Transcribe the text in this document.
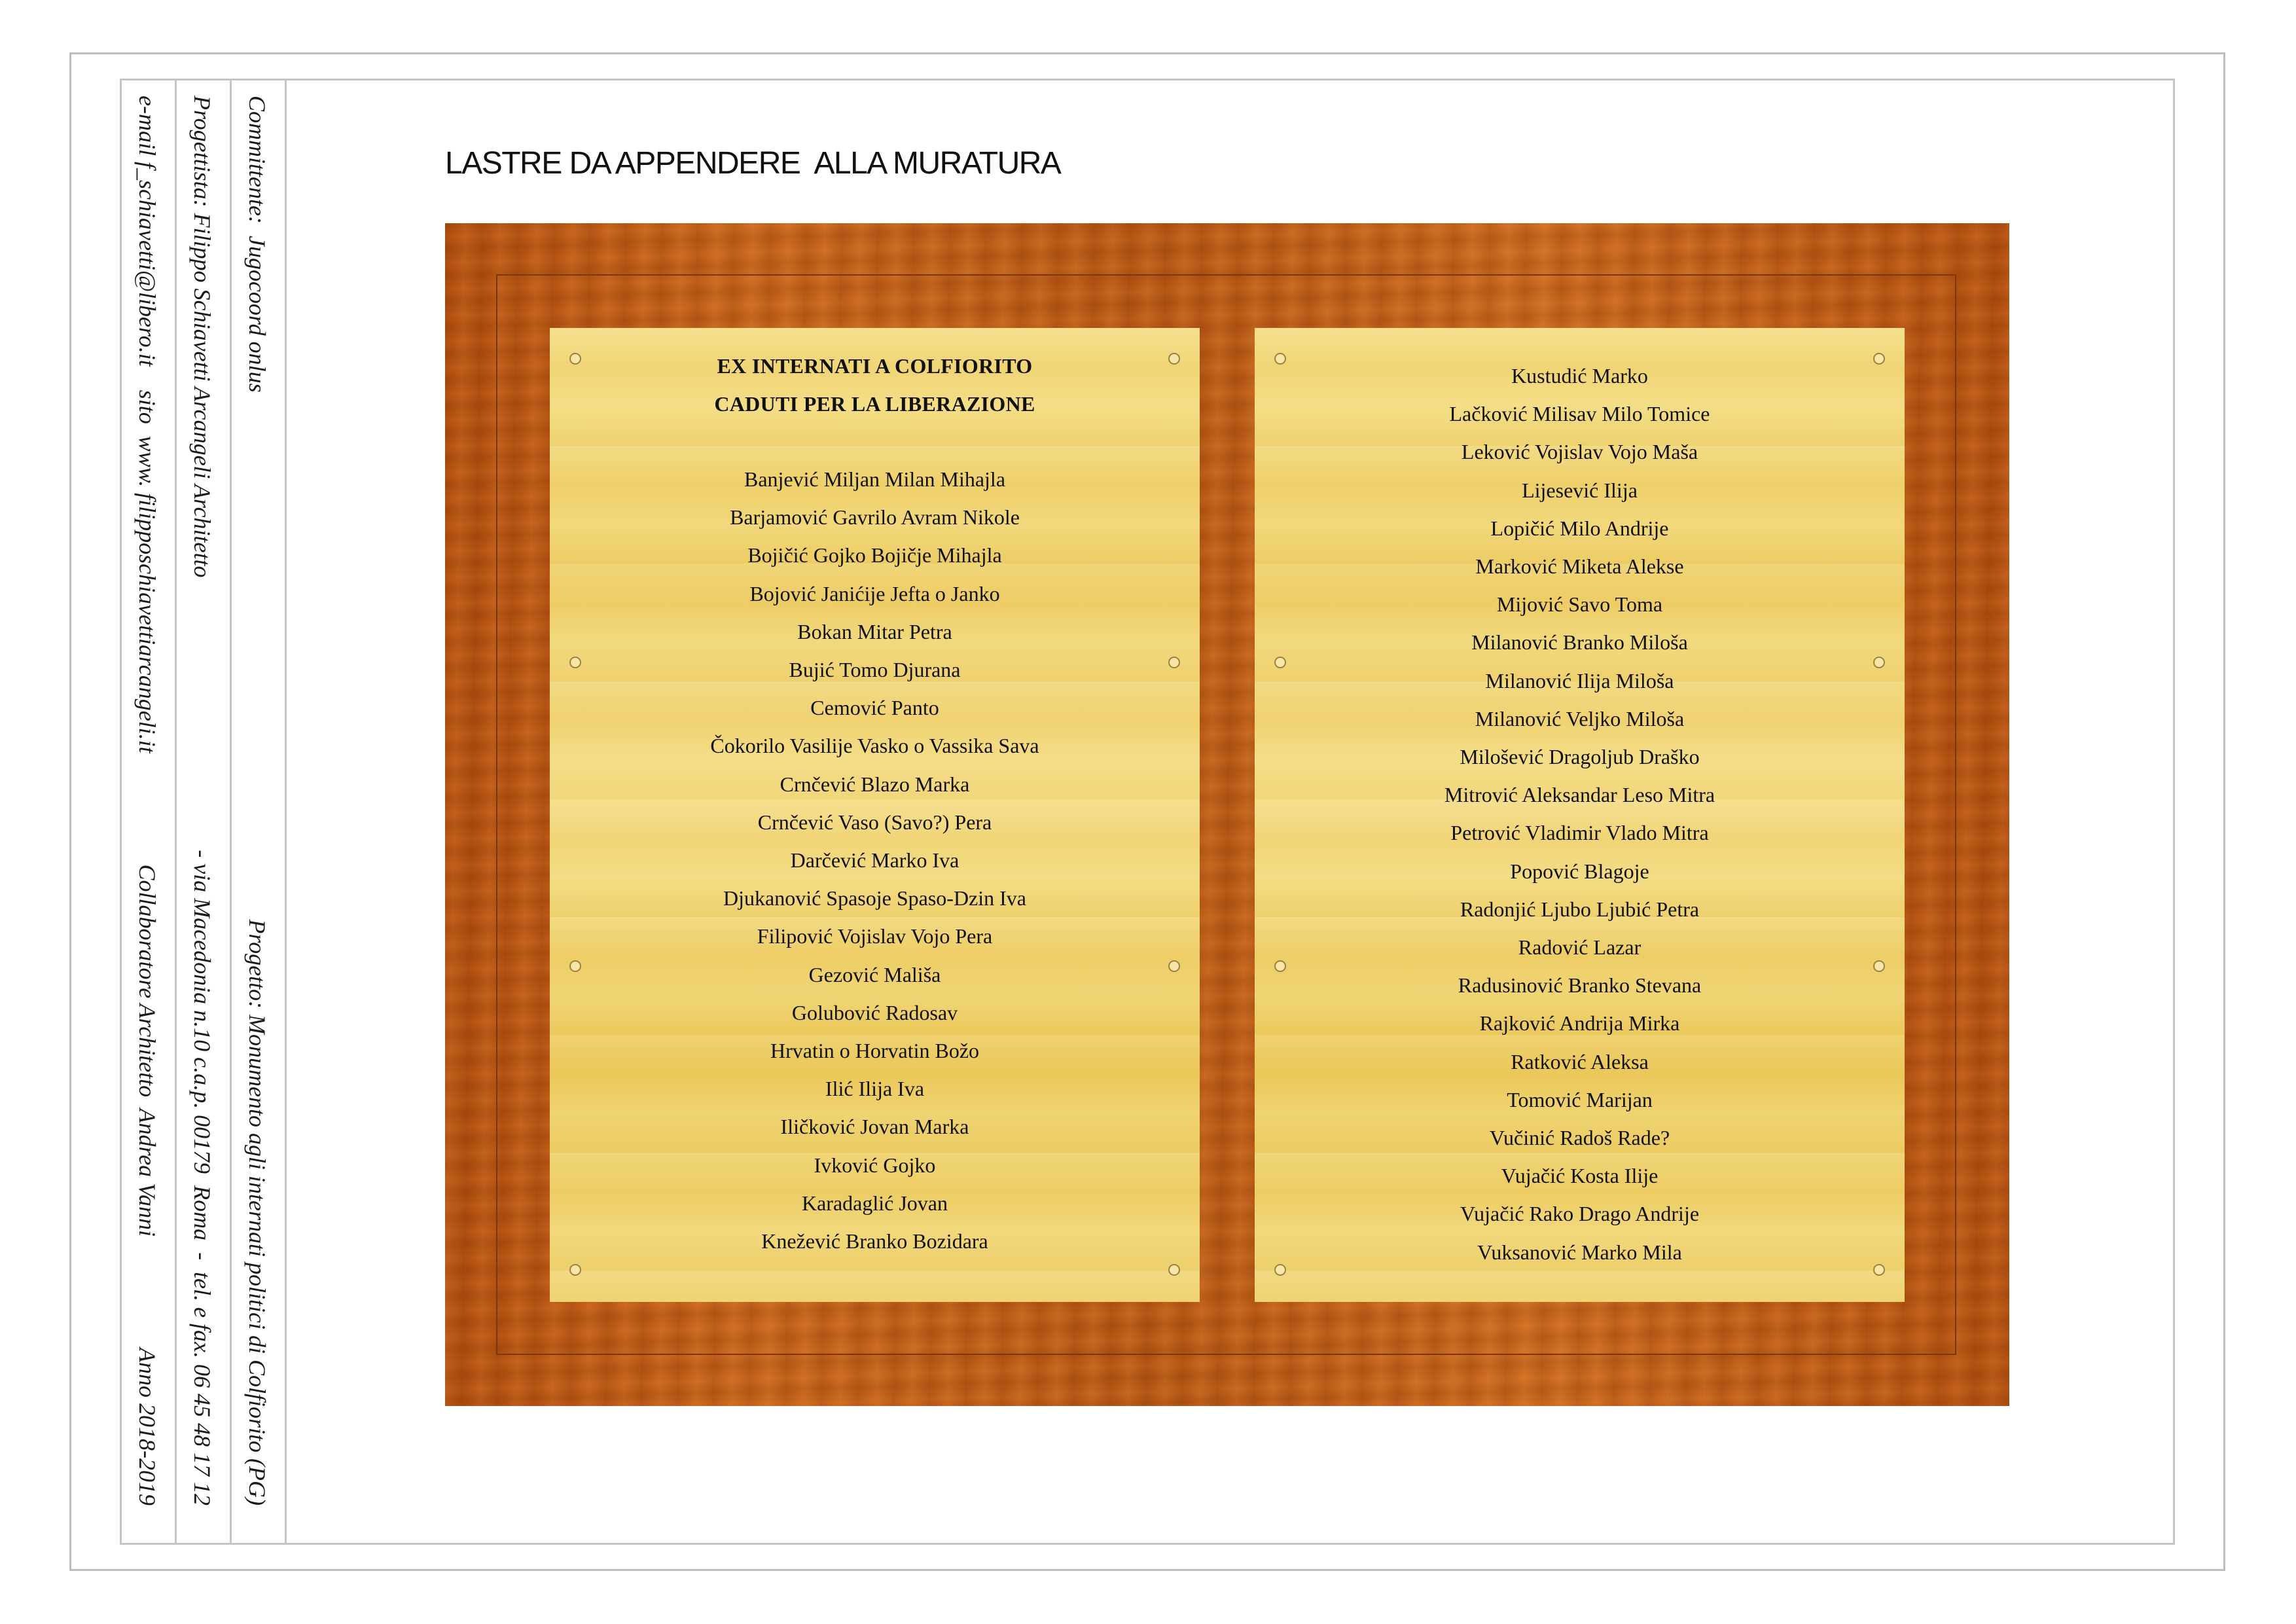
Committente:  Jugocoord onlus
Progetto: Monumento agli internati politici di Colfiorito (PG)
Progettista: Filippo Schiavetti Arcangeli Architetto
- via Macedonia n.10 c.a.p. 00179  Roma  -  tel. e fax. 06 45 48 17 12
e-mail f_schiavetti@libero.it    sito  www. filipposchiavettiarcangeli.it
Collaboratore Architetto  Andrea Vanni
Anno 2018-2019
LASTRE DA APPENDERE  ALLA MURATURA
EX INTERNATI A COLFIORITO
CADUTI PER LA LIBERAZIONE
Banjević Miljan Milan Mihajla
Barjamović Gavrilo Avram Nikole
Bojičić Gojko Bojičje Mihajla
Bojović Janićije Jefta o Janko
Bokan Mitar Petra
Bujić Tomo Djurana
Cemović Panto
Čokorilo Vasilije Vasko o Vassika Sava
Crnčević Blazo Marka
Crnčević Vaso (Savo?) Pera
Darčević Marko Iva
Djukanović Spasoje Spaso-Dzin Iva
Filipović Vojislav Vojo Pera
Gezović Mališa
Golubović Radosav
Hrvatin o Horvatin Božo
Ilić Ilija Iva
Iličković Jovan Marka
Ivković Gojko
Karadaglić Jovan
Knežević Branko Bozidara
Kustudić Marko
Lačković Milisav Milo Tomice
Leković Vojislav Vojo Maša
Lijesević Ilija
Lopičić Milo Andrije
Marković Miketa Alekse
Mijović Savo Toma
Milanović Branko Miloša
Milanović Ilija Miloša
Milanović Veljko Miloša
Milošević Dragoljub Draško
Mitrović Aleksandar Leso Mitra
Petrović Vladimir Vlado Mitra
Popović Blagoje
Radonjić Ljubo Ljubić Petra
Radović Lazar
Radusinović Branko Stevana
Rajković Andrija Mirka
Ratković Aleksa
Tomović Marijan
Vučinić Radoš Rade?
Vujačić Kosta Ilije
Vujačić Rako Drago Andrije
Vuksanović Marko Mila
